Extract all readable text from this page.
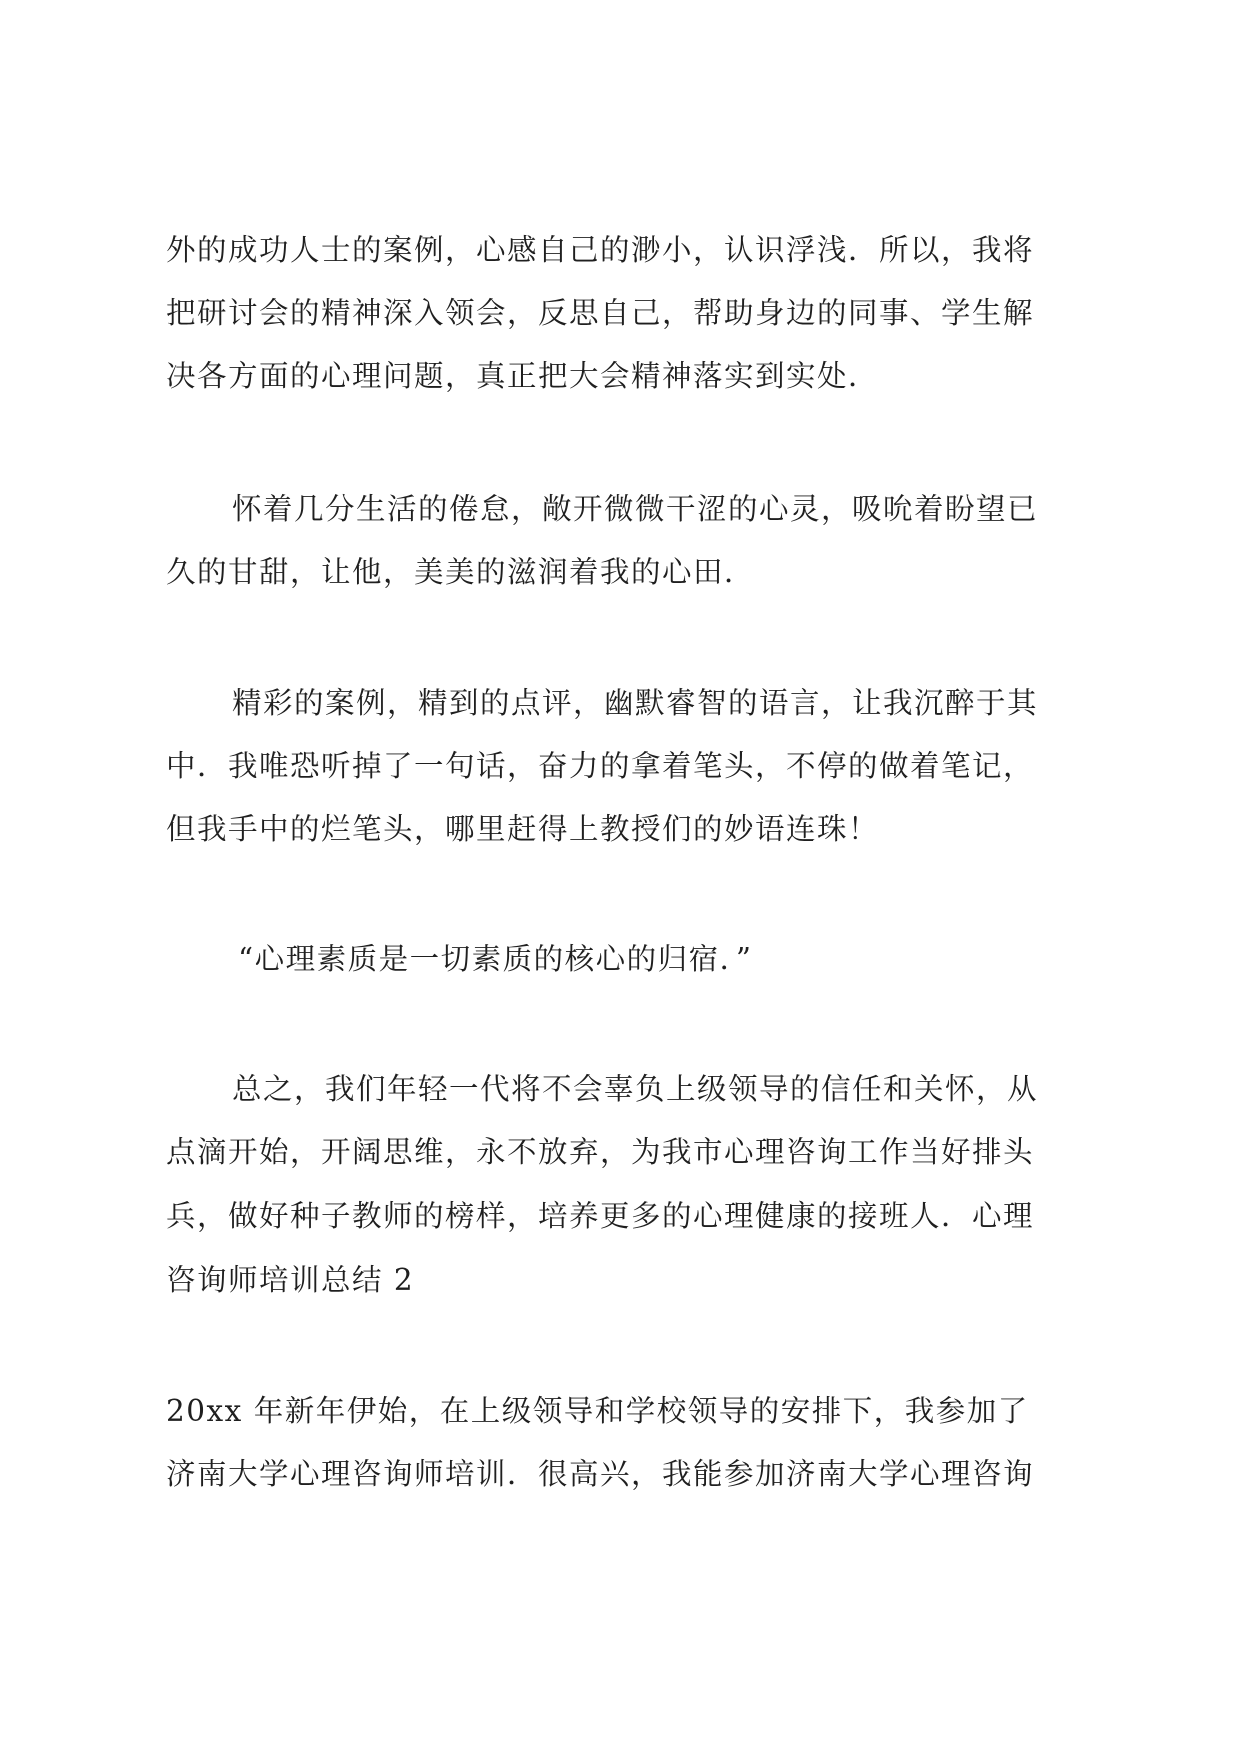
外的成功人士的案例，心感自己的渺小，认识浮浅．所以，我将

把研讨会的精神深入领会，反思自己，帮助身边的同事、学生解

决各方面的心理问题，真正把大会精神落实到实处．

怀着几分生活的倦怠，敞开微微干涩的心灵，吸吮着盼望已

久的甘甜，让他，美美的滋润着我的心田．

精彩的案例，精到的点评，幽默睿智的语言，让我沉醉于其

中．我唯恐听掉了一句话，奋力的拿着笔头，不停的做着笔记，

但我手中的烂笔头，哪里赶得上教授们的妙语连珠！

“心理素质是一切素质的核心的归宿．”

总之，我们年轻一代将不会辜负上级领导的信任和关怀，从

点滴开始，开阔思维，永不放弃，为我市心理咨询工作当好排头

兵，做好种子教师的榜样，培养更多的心理健康的接班人．心理

咨询师培训总结 2

20xx 年新年伊始，在上级领导和学校领导的安排下，我参加了

济南大学心理咨询师培训．很高兴，我能参加济南大学心理咨询
